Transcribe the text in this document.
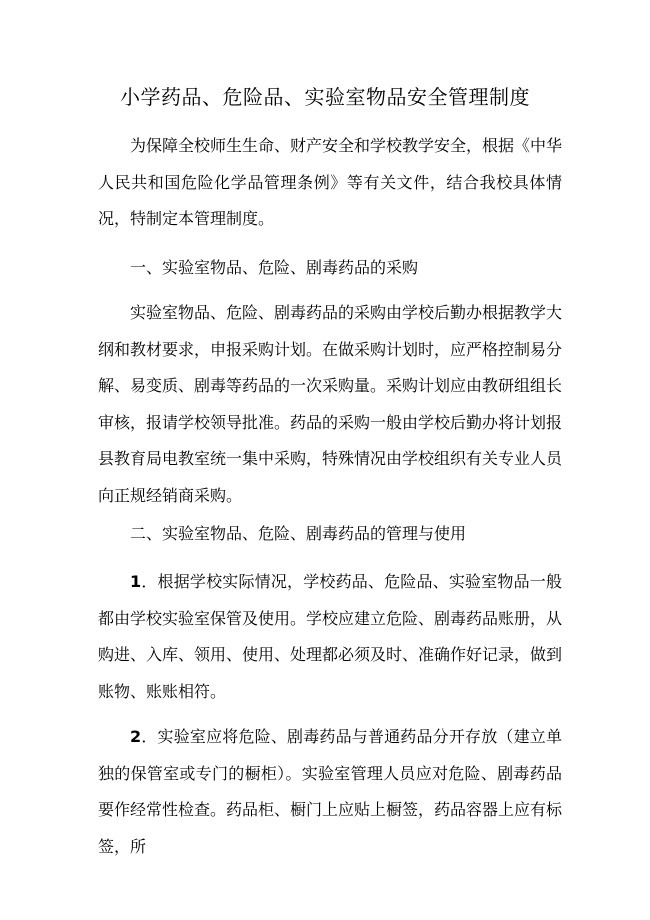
小学药品、危险品、实验室物品安全管理制度

为保障全校师生生命、财产安全和学校教学安全，根据《中华人民共和国危险化学品管理条例》等有关文件，结合我校具体情况，特制定本管理制度。

一、实验室物品、危险、剧毒药品的采购

实验室物品、危险、剧毒药品的采购由学校后勤办根据教学大纲和教材要求，申报采购计划。在做采购计划时，应严格控制易分解、易变质、剧毒等药品的一次采购量。采购计划应由教研组组长审核，报请学校领导批准。药品的采购一般由学校后勤办将计划报县教育局电教室统一集中采购，特殊情况由学校组织有关专业人员向正规经销商采购。

二、实验室物品、危险、剧毒药品的管理与使用

1．根据学校实际情况，学校药品、危险品、实验室物品一般都由学校实验室保管及使用。学校应建立危险、剧毒药品账册，从购进、入库、领用、使用、处理都必须及时、准确作好记录，做到账物、账账相符。

2．实验室应将危险、剧毒药品与普通药品分开存放（建立单独的保管室或专门的橱柜）。实验室管理人员应对危险、剧毒药品要作经常性检查。药品柜、橱门上应贴上橱签，药品容器上应有标签，所
